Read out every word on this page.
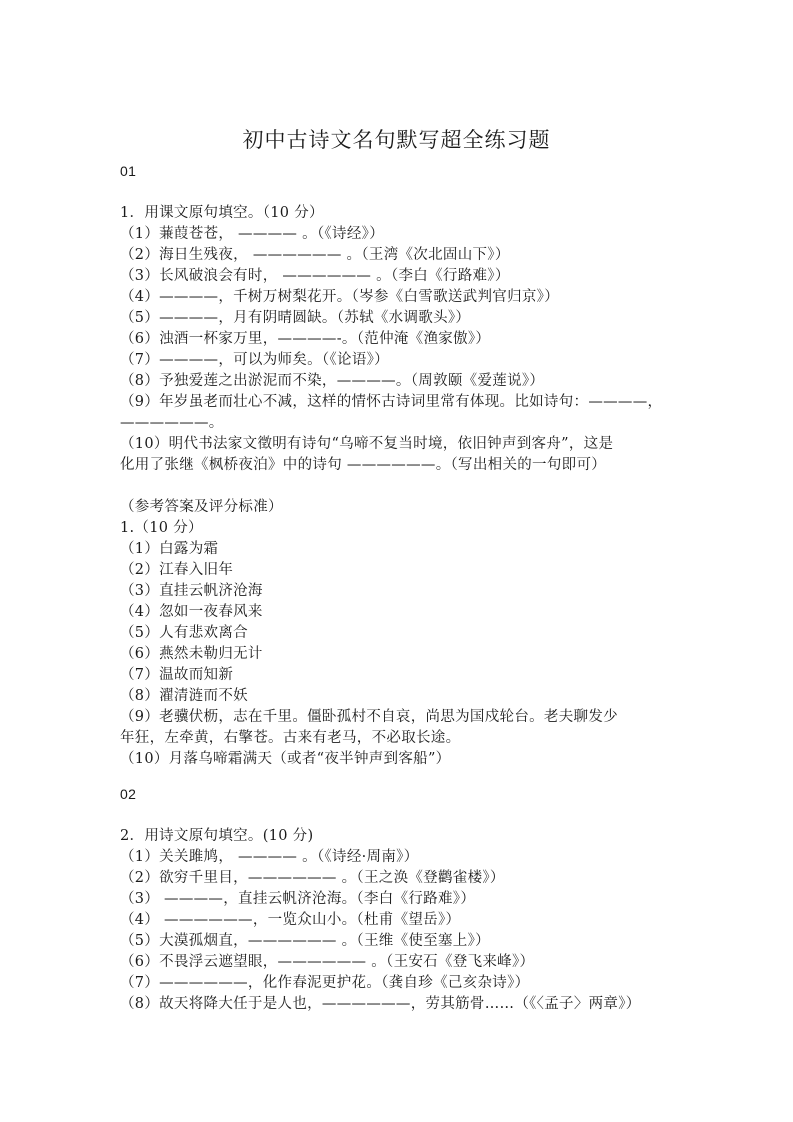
初中古诗文名句默写超全练习题
01
1．用课文原句填空。（10 分）
（1）蒹葭苍苍， ———— 。（《诗经》）
（2）海日生残夜， —————— 。（王湾《次北固山下》）
（3）长风破浪会有时， —————— 。（李白《行路难》）
（4）————，千树万树梨花开。（岑参《白雪歌送武判官归京》）
（5）————，月有阴晴圆缺。（苏轼《水调歌头》）
（6）浊酒一杯家万里，————-。（范仲淹《渔家傲》）
（7）————，可以为师矣。（《论语》）
（8）予独爱莲之出淤泥而不染，————。（周敦颐《爱莲说》）
（9）年岁虽老而壮心不减，这样的情怀古诗词里常有体现。比如诗句：————，
——————。
（10）明代书法家文徵明有诗句“乌啼不复当时境，依旧钟声到客舟”，这是
化用了张继《枫桥夜泊》中的诗句 ——————。（写出相关的一句即可）
（参考答案及评分标准）
1.（10 分）
（1）白露为霜
（2）江春入旧年
（3）直挂云帆济沧海
（4）忽如一夜春风来
（5）人有悲欢离合
（6）燕然未勒归无计
（7）温故而知新
（8）濯清涟而不妖
（9）老骥伏枥，志在千里。僵卧孤村不自哀，尚思为国戍轮台。老夫聊发少
年狂，左牵黄，右擎苍。古来有老马，不必取长途。
（10）月落乌啼霜满天（或者“夜半钟声到客船”）
02
2．用诗文原句填空。(10 分)
（1）关关雎鸠， ———— 。（《诗经·周南》）
（2）欲穷千里目，—————— 。（王之涣《登鹳雀楼》）
（3） ————，直挂云帆济沧海。（李白《行路难》）
（4） ——————，一览众山小。（杜甫《望岳》）
（5）大漠孤烟直，—————— 。（王维《使至塞上》）
（6）不畏浮云遮望眼，—————— 。（王安石《登飞来峰》）
（7）——————，化作春泥更护花。（龚自珍《己亥杂诗》）
（8）故天将降大任于是人也，——————，劳其筋骨……（《〈孟子〉两章》）
